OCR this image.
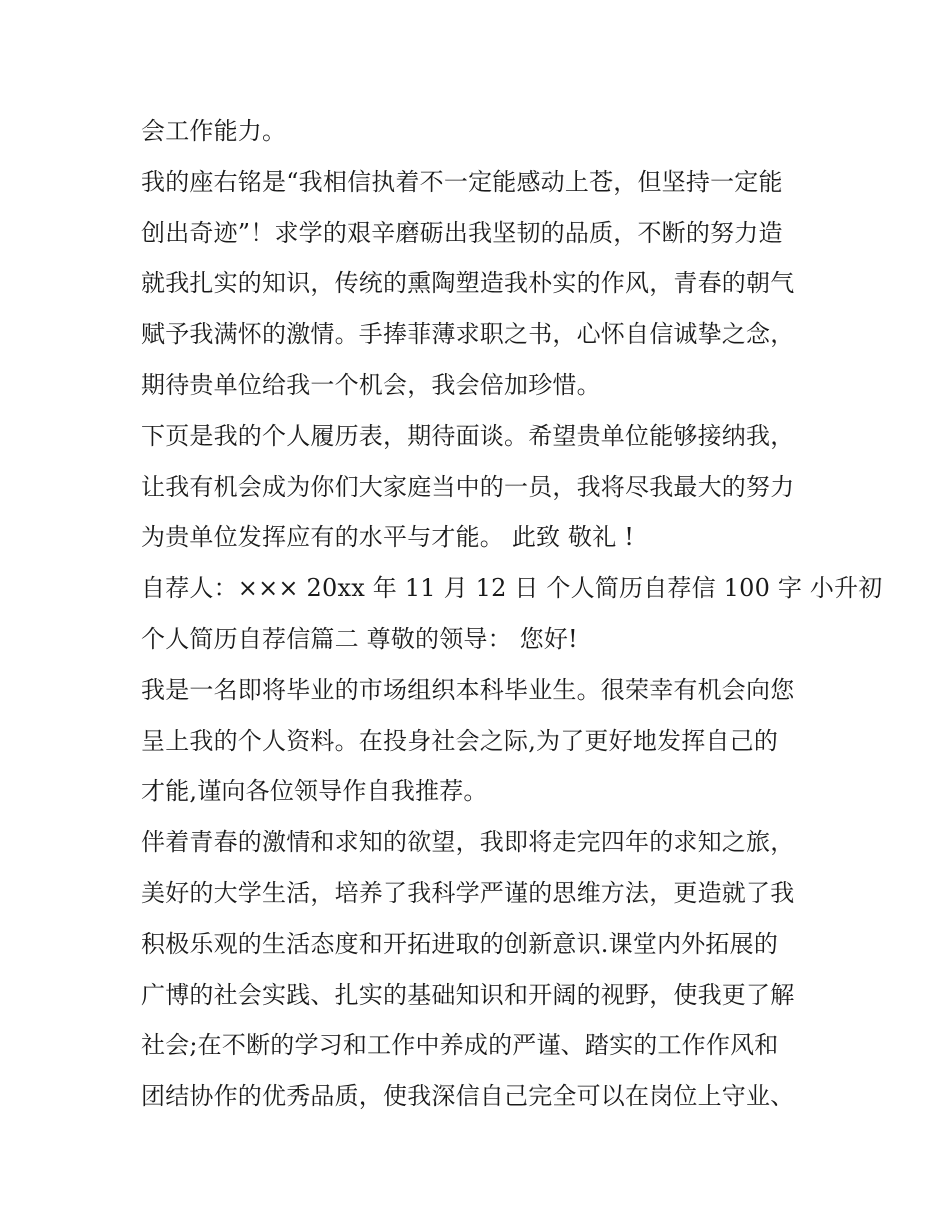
会工作能力。
我的座右铭是“我相信执着不一定能感动上苍，但坚持一定能
创出奇迹”！求学的艰辛磨砺出我坚韧的品质，不断的努力造
就我扎实的知识，传统的熏陶塑造我朴实的作风，青春的朝气
赋予我满怀的激情。手捧菲薄求职之书，心怀自信诚挚之念，
期待贵单位给我一个机会，我会倍加珍惜。
下页是我的个人履历表，期待面谈。希望贵单位能够接纳我，
让我有机会成为你们大家庭当中的一员，我将尽我最大的努力
为贵单位发挥应有的水平与才能。 此致 敬礼 !
自荐人：××× 20xx 年 11 月 12 日 个人简历自荐信 100 字 小升初
个人简历自荐信篇二 尊敬的领导： 您好!
我是一名即将毕业的市场组织本科毕业生。很荣幸有机会向您
呈上我的个人资料。在投身社会之际,为了更好地发挥自己的
才能,谨向各位领导作自我推荐。
伴着青春的激情和求知的欲望，我即将走完四年的求知之旅，
美好的大学生活，培养了我科学严谨的思维方法，更造就了我
积极乐观的生活态度和开拓进取的创新意识.课堂内外拓展的
广博的社会实践、扎实的基础知识和开阔的视野，使我更了解
社会;在不断的学习和工作中养成的严谨、踏实的工作作风和
团结协作的优秀品质，使我深信自己完全可以在岗位上守业、
